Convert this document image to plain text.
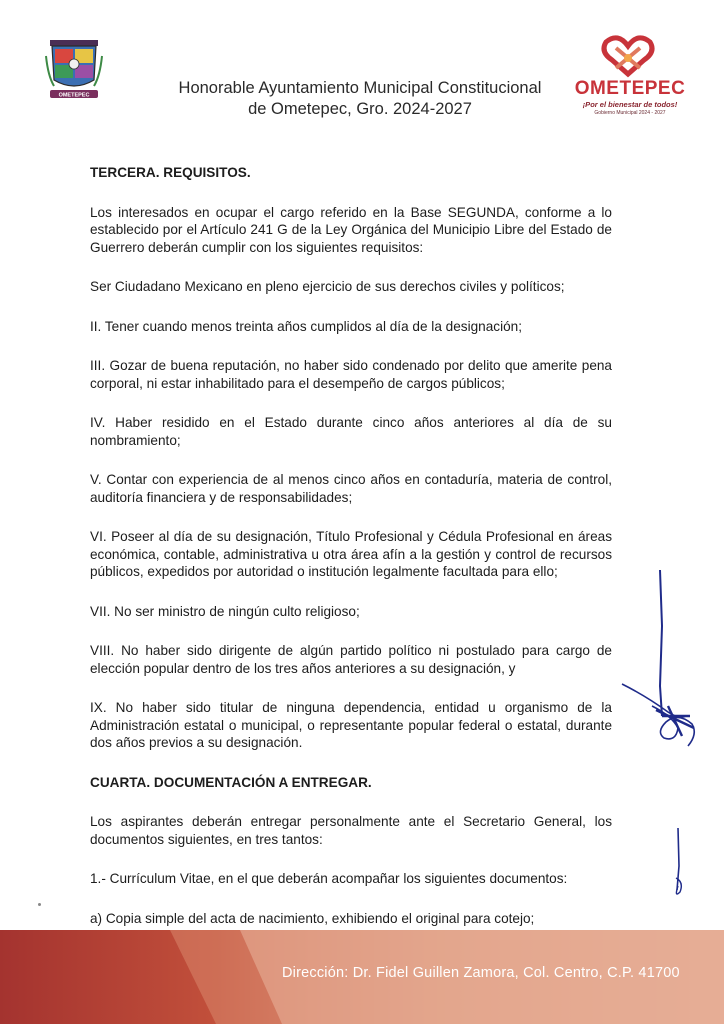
OMETEPEC	Honorable Ayuntamiento Municipal Constitucional
de Ometepec, Gro. 2024-2027
OMETEPEC
¡Por el bienestar de todos!
Gobierno Municipal 2024 - 2027

TERCERA. REQUISITOS.

Los interesados en ocupar el cargo referido en la Base SEGUNDA, conforme a lo establecido por el Artículo 241 G de la Ley Orgánica del Municipio Libre del Estado de Guerrero deberán cumplir con los siguientes requisitos:

Ser Ciudadano Mexicano en pleno ejercicio de sus derechos civiles y políticos;

II. Tener cuando menos treinta años cumplidos al día de la designación;

III. Gozar de buena reputación, no haber sido condenado por delito que amerite pena corporal, ni estar inhabilitado para el desempeño de cargos públicos;

IV. Haber residido en el Estado durante cinco años anteriores al día de su nombramiento;

V. Contar con experiencia de al menos cinco años en contaduría, materia de control, auditoría financiera y de responsabilidades;

VI. Poseer al día de su designación, Título Profesional y Cédula Profesional en áreas económica, contable, administrativa u otra área afín a la gestión y control de recursos públicos, expedidos por autoridad o institución legalmente facultada para ello;

VII. No ser ministro de ningún culto religioso;

VIII. No haber sido dirigente de algún partido político ni postulado para cargo de elección popular dentro de los tres años anteriores a su designación, y

IX. No haber sido titular de ninguna dependencia, entidad u organismo de la Administración estatal o municipal, o representante popular federal o estatal, durante dos años previos a su designación.

CUARTA. DOCUMENTACIÓN A ENTREGAR.

Los aspirantes deberán entregar personalmente ante el Secretario General, los documentos siguientes, en tres tantos:

1.- Currículum Vitae, en el que deberán acompañar los siguientes documentos:

a) Copia simple del acta de nacimiento, exhibiendo el original para cotejo;

Dirección: Dr. Fidel Guillen Zamora, Col. Centro, C.P. 41700
